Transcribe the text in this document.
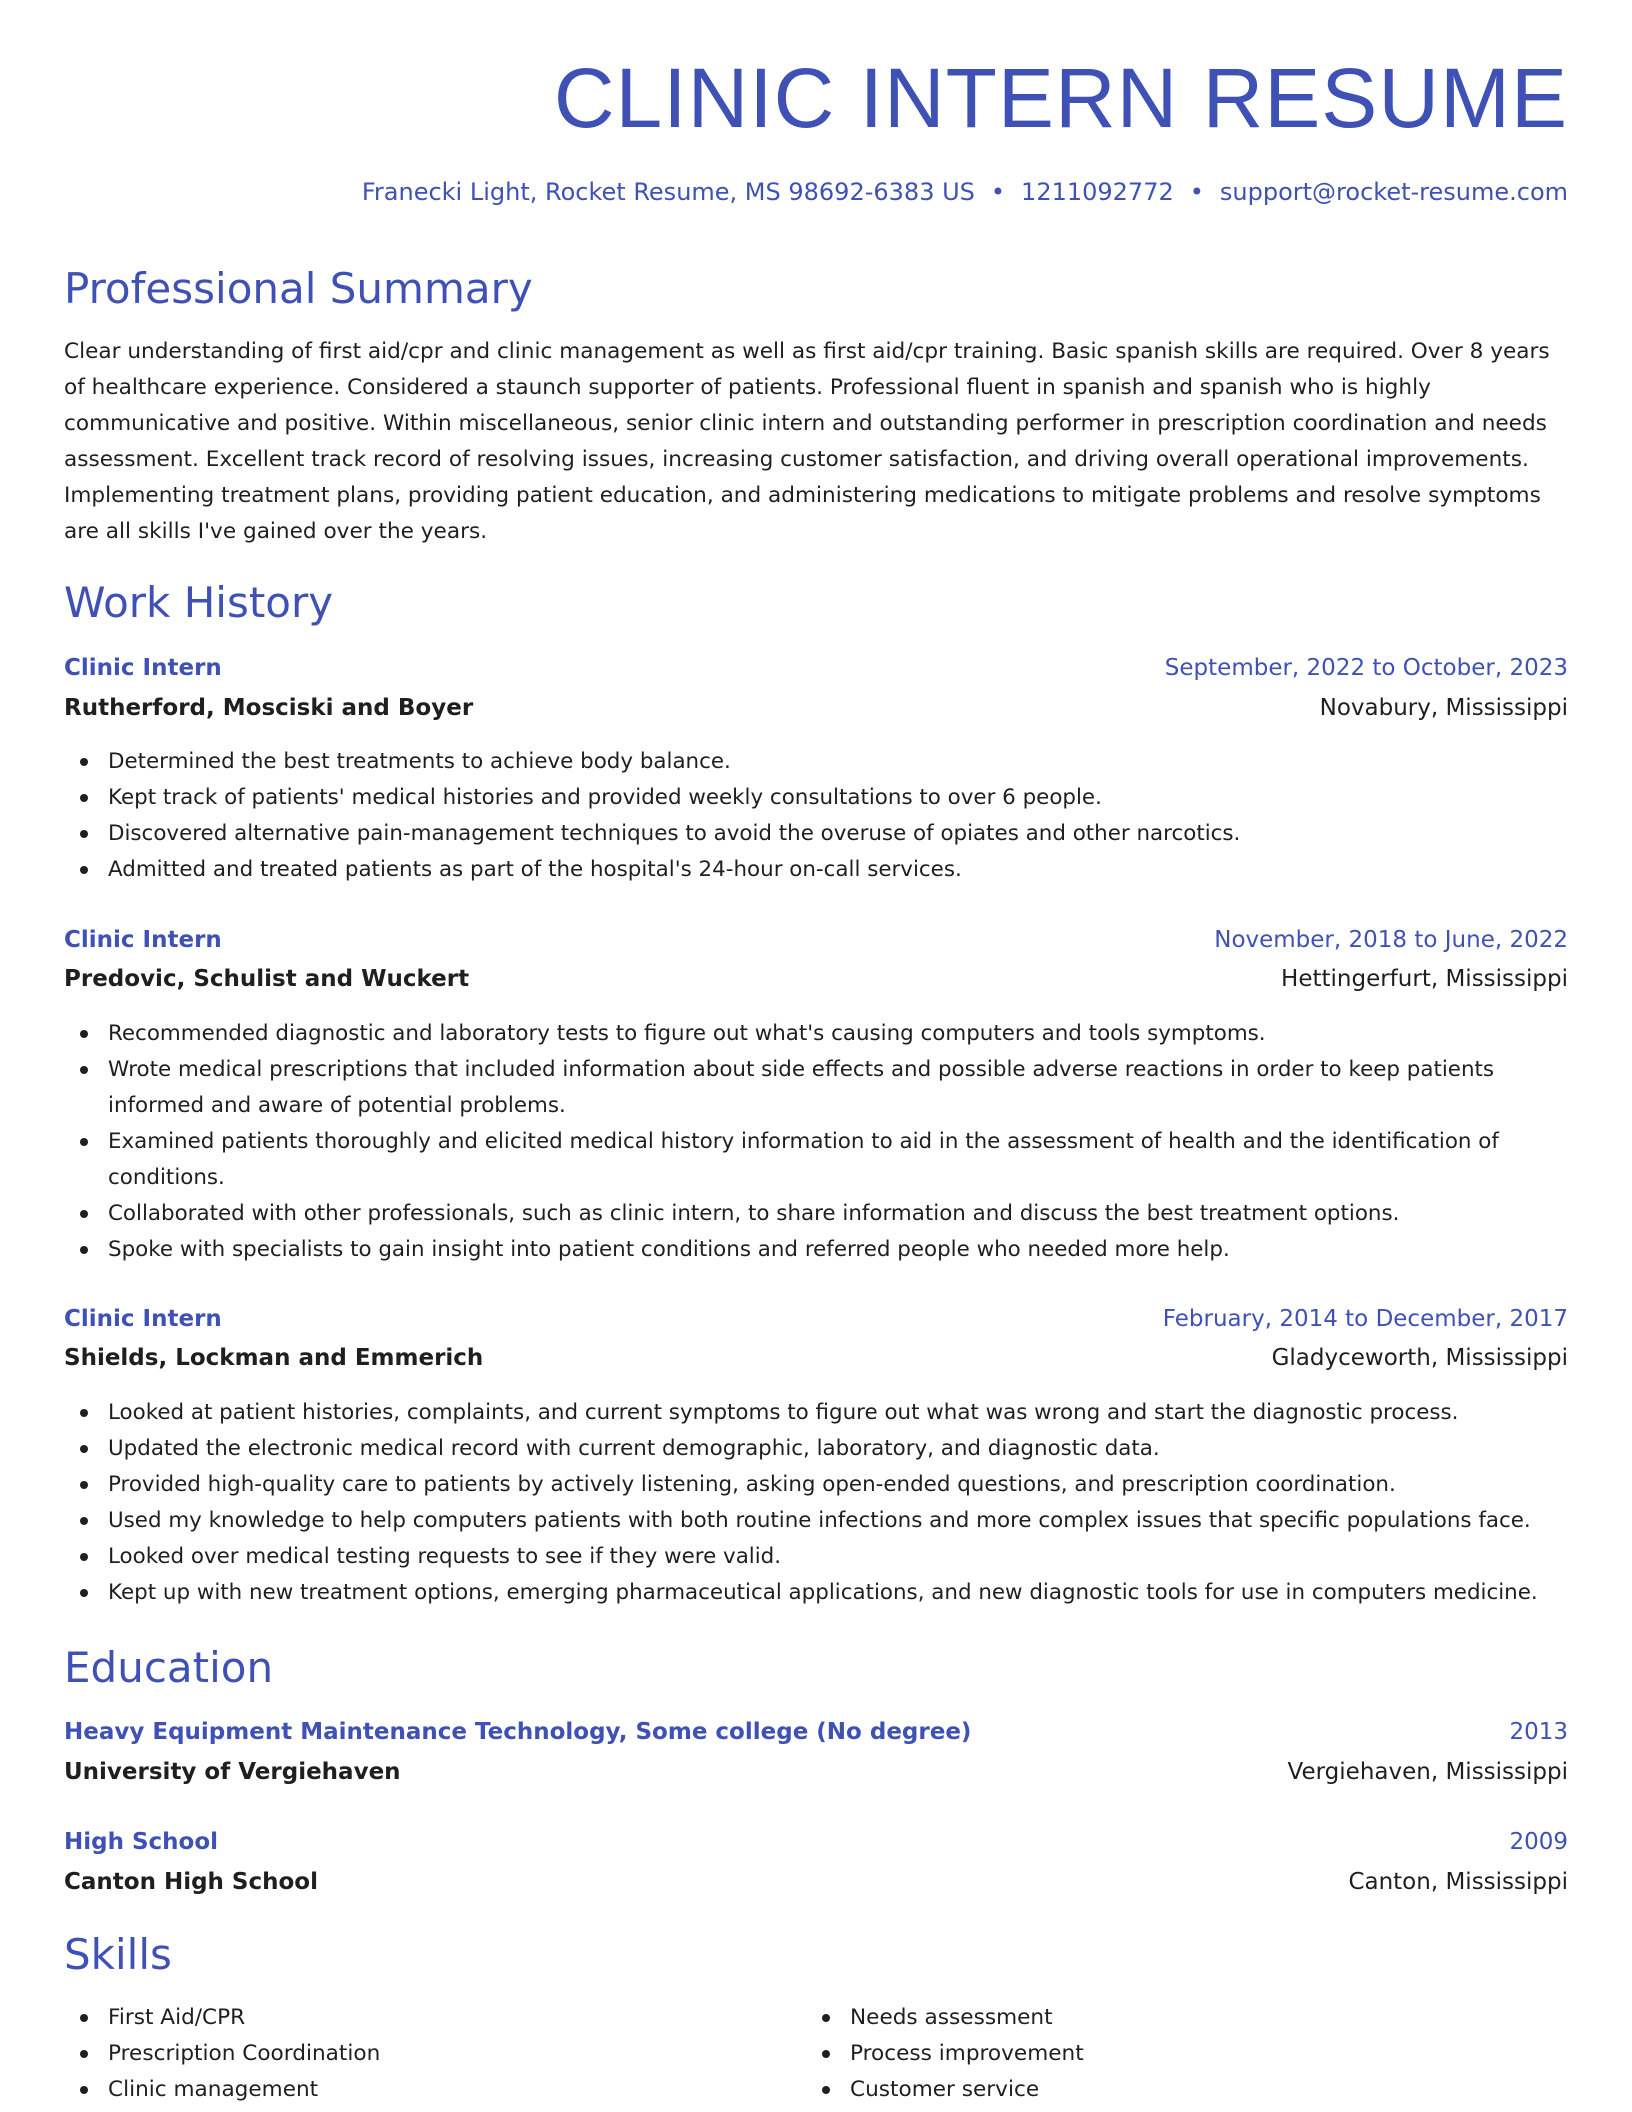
CLINIC INTERN RESUME
Franecki Light, Rocket Resume, MS 98692-6383 US • 1211092772 • support@rocket-resume.com
Professional Summary

Clear understanding of first aid/cpr and clinic management as well as first aid/cpr training. Basic spanish skills are required. Over 8 years of healthcare experience. Considered a staunch supporter of patients. Professional fluent in spanish and spanish who is highly communicative and positive. Within miscellaneous, senior clinic intern and outstanding performer in prescription coordination and needs assessment. Excellent track record of resolving issues, increasing customer satisfaction, and driving overall operational improvements. Implementing treatment plans, providing patient education, and administering medications to mitigate problems and resolve symptoms are all skills I've gained over the years.

Work History
Clinic Intern	September, 2022 to October, 2023
Rutherford, Mosciski and Boyer	Novabury, Mississippi
Determined the best treatments to achieve body balance.
Kept track of patients' medical histories and provided weekly consultations to over 6 people.
Discovered alternative pain-management techniques to avoid the overuse of opiates and other narcotics.
Admitted and treated patients as part of the hospital's 24-hour on-call services.
Clinic Intern	November, 2018 to June, 2022
Predovic, Schulist and Wuckert	Hettingerfurt, Mississippi
Recommended diagnostic and laboratory tests to figure out what's causing computers and tools symptoms.
Wrote medical prescriptions that included information about side effects and possible adverse reactions in order to keep patients informed and aware of potential problems.
Examined patients thoroughly and elicited medical history information to aid in the assessment of health and the identification of conditions.
Collaborated with other professionals, such as clinic intern, to share information and discuss the best treatment options.
Spoke with specialists to gain insight into patient conditions and referred people who needed more help.
Clinic Intern	February, 2014 to December, 2017
Shields, Lockman and Emmerich	Gladyceworth, Mississippi
Looked at patient histories, complaints, and current symptoms to figure out what was wrong and start the diagnostic process.
Updated the electronic medical record with current demographic, laboratory, and diagnostic data.
Provided high-quality care to patients by actively listening, asking open-ended questions, and prescription coordination.
Used my knowledge to help computers patients with both routine infections and more complex issues that specific populations face.
Looked over medical testing requests to see if they were valid.
Kept up with new treatment options, emerging pharmaceutical applications, and new diagnostic tools for use in computers medicine.
Education
Heavy Equipment Maintenance Technology, Some college (No degree)	2013
University of Vergiehaven	Vergiehaven, Mississippi
High School	2009
Canton High School	Canton, Mississippi
Skills
First Aid/CPR
Prescription Coordination
Clinic management
Needs assessment
Process improvement
Customer service
